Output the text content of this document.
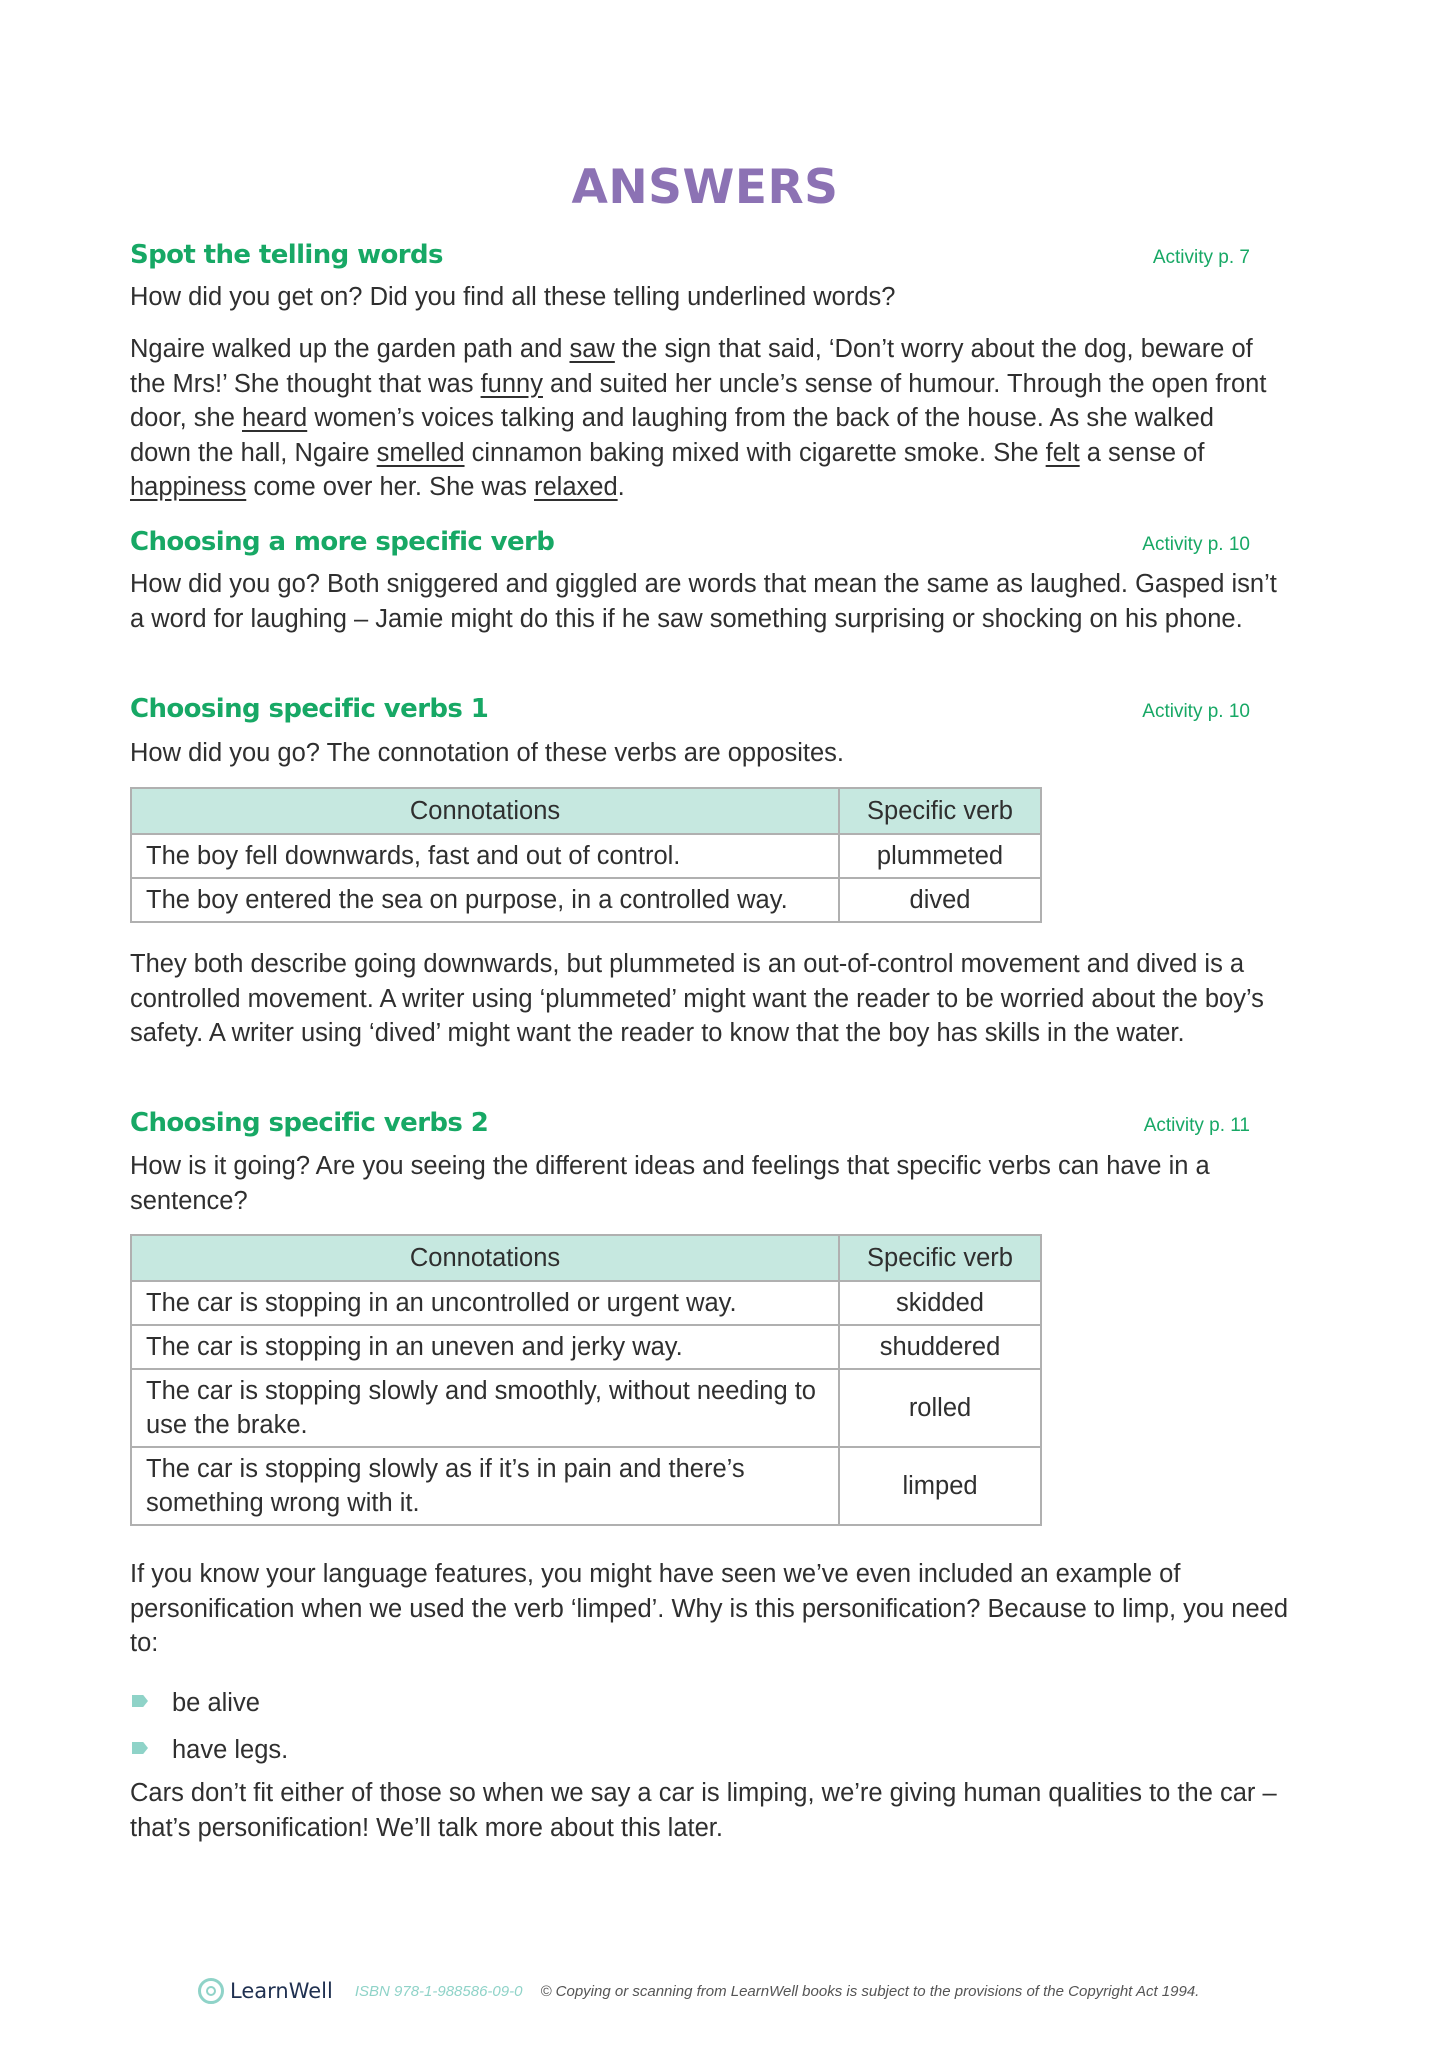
ANSWERS
Spot the telling words	Activity p. 7

How did you get on? Did you find all these telling underlined words?

Ngaire walked up the garden path and saw the sign that said, ‘Don’t worry about the dog, beware of the Mrs!’ She thought that was funny and suited her uncle’s sense of humour. Through the open front door, she heard women’s voices talking and laughing from the back of the house. As she walked down the hall, Ngaire smelled cinnamon baking mixed with cigarette smoke. She felt a sense of happiness come over her. She was relaxed.

Choosing a more specific verb	Activity p. 10

How did you go? Both sniggered and giggled are words that mean the same as laughed. Gasped isn’t a word for laughing – Jamie might do this if he saw something surprising or shocking on his phone.

Choosing specific verbs 1	Activity p. 10

How did you go? The connotation of these verbs are opposites.

Connotations	Specific verb
The boy fell downwards, fast and out of control.	plummeted
The boy entered the sea on purpose, in a controlled way.	dived

They both describe going downwards, but plummeted is an out-of-control movement and dived is a controlled movement. A writer using ‘plummeted’ might want the reader to be worried about the boy’s safety. A writer using ‘dived’ might want the reader to know that the boy has skills in the water.

Choosing specific verbs 2	Activity p. 11

How is it going? Are you seeing the different ideas and feelings that specific verbs can have in a sentence?

Connotations	Specific verb
The car is stopping in an uncontrolled or urgent way.	skidded
The car is stopping in an uneven and jerky way.	shuddered
The car is stopping slowly and smoothly, without needing to use the brake.	rolled
The car is stopping slowly as if it’s in pain and there’s something wrong with it.	limped

If you know your language features, you might have seen we’ve even included an example of personification when we used the verb ‘limped’. Why is this personification? Because to limp, you need to:

be alive
have legs.

Cars don’t fit either of those so when we say a car is limping, we’re giving human qualities to the car – that’s personification! We’ll talk more about this later.

LearnWell ISBN 978-1-988586-09-0 © Copying or scanning from LearnWell books is subject to the provisions of the Copyright Act 1994.
